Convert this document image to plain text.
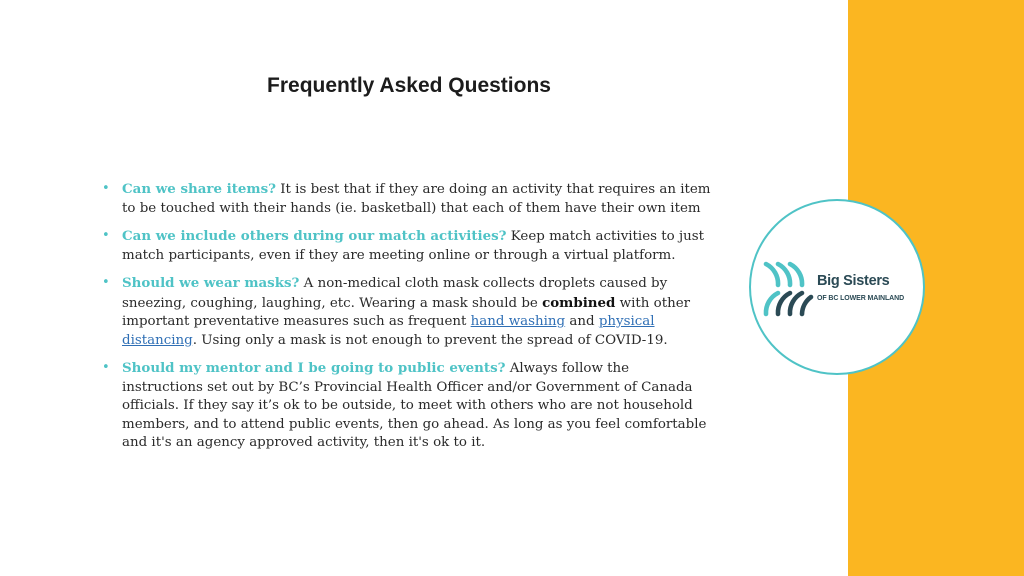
Frequently Asked Questions
Big Sisters
OF BC LOWER MAINLAND
• Can we share items? It is best that if they are doing an activity that requires an item to be touched with their hands (ie. basketball) that each of them have their own item
• Can we include others during our match activities? Keep match activities to just match participants, even if they are meeting online or through a virtual platform.
• Should we wear masks? A non-medical cloth mask collects droplets caused by sneezing, coughing, laughing, etc. Wearing a mask should be combined with other important preventative measures such as frequent hand washing and physical distancing. Using only a mask is not enough to prevent the spread of COVID-19.
• Should my mentor and I be going to public events? Always follow the instructions set out by BC’s Provincial Health Officer and/or Government of Canada officials. If they say it’s ok to be outside, to meet with others who are not household members, and to attend public events, then go ahead. As long as you feel comfortable and it's an agency approved activity, then it's ok to it.
